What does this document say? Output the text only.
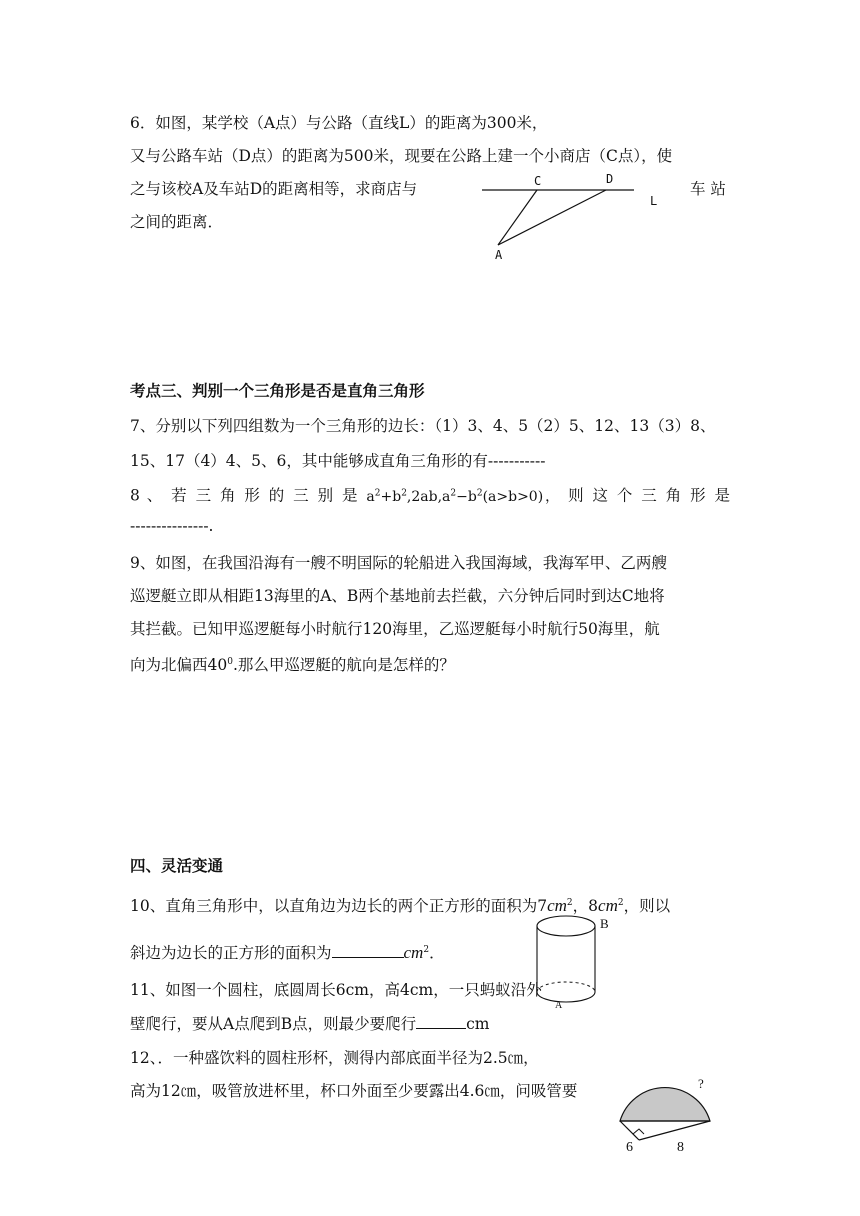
6．如图，某学校（A点）与公路（直线L）的距离为300米，
又与公路车站（D点）的距离为500米，现要在公路上建一个小商店（C点），使
之与该校A及车站D的距离相等，求商店与	车 站
之间的距离．
C	D
L
A
考点三、判别一个三角形是否是直角三角形
7、分别以下列四组数为一个三角形的边长：（1）3、4、5（2）5、12、13（3）8、
15、17（4）4、5、6，其中能够成直角三角形的有-----------
8 、 若 三 角 形 的 三 别 是 $a^2+b^2,2ab,a^2-b^2(a>b>0)$， 则 这 个 三 角 形 是
---------------.
9、如图，在我国沿海有一艘不明国际的轮船进入我国海域，我海军甲、乙两艘
巡逻艇立即从相距13海里的A、B两个基地前去拦截，六分钟后同时到达C地将
其拦截。已知甲巡逻艇每小时航行120海里，乙巡逻艇每小时航行50海里，航
向为北偏西$40^0$.那么甲巡逻艇的航向是怎样的？
四、灵活变通
10、直角三角形中，以直角边为边长的两个正方形的面积为$7cm^2$，$8cm^2$，则以
斜边为边长的正方形的面积为	$cm^2$．
B
A
11、如图一个圆柱，底圆周长6cm，高4cm，一只蚂蚁沿外
壁爬行，要从A点爬到B点，则最少要爬行	cm
12、．一种盛饮料的圆柱形杯，测得内部底面半径为2.5㎝，
高为12㎝，吸管放进杯里，杯口外面至少要露出4.6㎝，问吸管要
6	8
?
